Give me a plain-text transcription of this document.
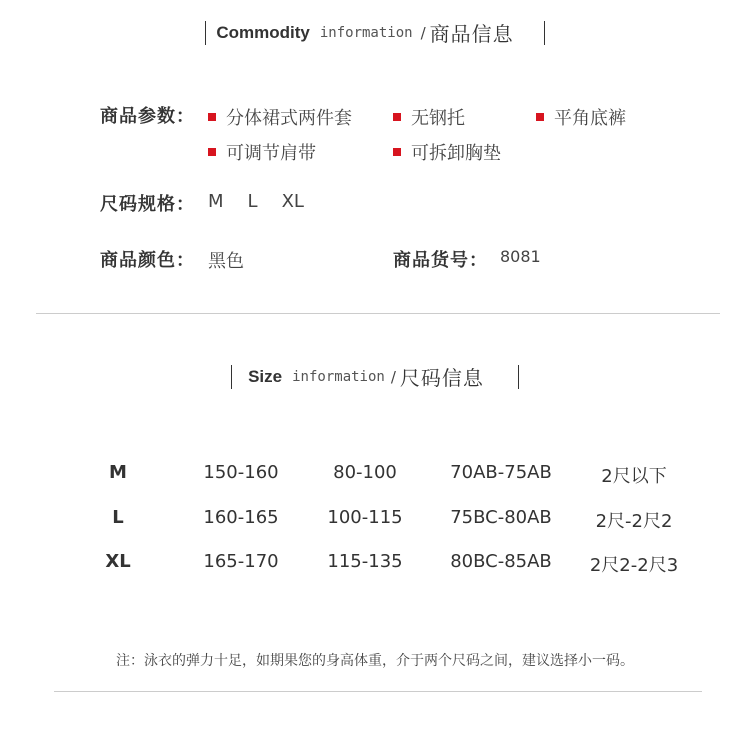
Commodity information / 商品信息
商品参数： 分体裙式两件套	无钢托	平角底裤
可调节肩带	可拆卸胸垫
尺码规格： M L XL
商品颜色： 黑色	商品货号： 8081
Size information / 尺码信息
M	150-160	80-100	70AB-75AB	2尺以下
L	160-165	100-115	75BC-80AB 2尺-2尺2
XL	165-170	115-135	80BC-85AB 2尺2-2尺3
注：泳衣的弹力十足，如期果您的身高体重，介于两个尺码之间，建议选择小一码。
